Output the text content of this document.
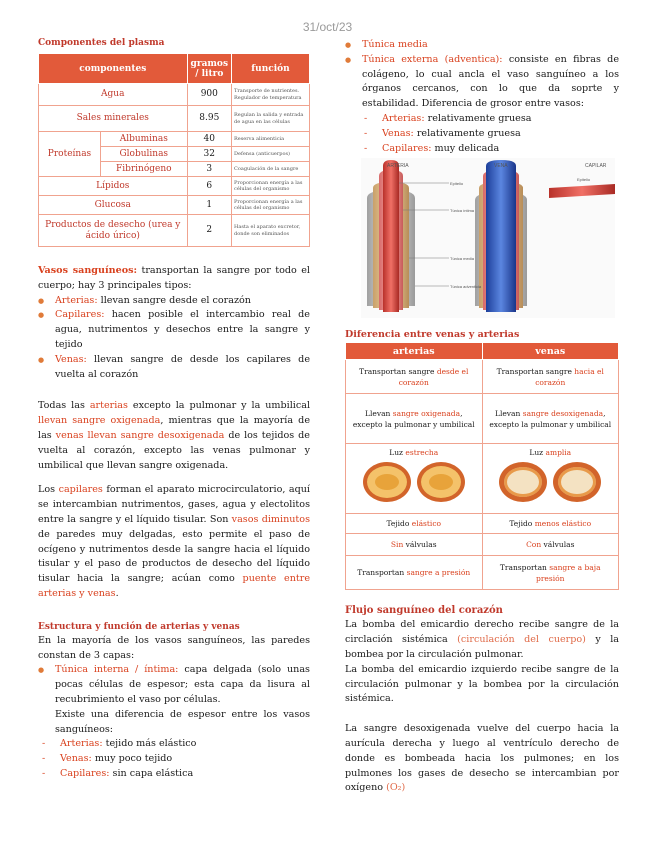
31/oct/23
Componentes del plasma
componentes		gramos / litro	función
Agua		900	Transporte de nutrientes. Regulador de temperatura
Sales minerales		8.95	Regulan la salida y entrada de agua en las células
Proteínas	Albuminas	40	Reserva alimenticia
	Globulinas	32	Defensa (anticuerpos)
	Fibrinógeno	3	Coagulación de la sangre
Lípidos		6	Proporcionan energía a las células del organismo
Glucosa		1	Proporcionan energía a las células del organismo
Productos de desecho (urea y ácido úrico)		2	Hasta el aparato excretor, donde son eliminados

Vasos sanguíneos: transportan la sangre por todo el cuerpo; hay 3 principales tipos:

● Arterias: llevan sangre desde el corazón
● Capilares: hacen posible el intercambio real de agua, nutrimentos y desechos entre la sangre y tejido
● Venas: llevan sangre de desde los capilares de vuelta al corazón

Todas las arterias excepto la pulmonar y la umbilical llevan sangre oxigenada, mientras que la mayoría de las venas llevan sangre desoxigenada de los tejidos de vuelta al corazón, excepto las venas pulmonar y umbilical que llevan sangre oxigenada.

Los capilares forman el aparato microcirculatorio, aquí se intercambian nutrimentos, gases, agua y electolitos entre la sangre y el líquido tisular. Son vasos diminutos de paredes muy delgadas, esto permite el paso de ocígeno y nutrimentos desde la sangre hacia el líquido tisular y el paso de productos de desecho del líquido tisular hacia la sangre; acúan como puente entre arterias y venas.

Estructura y función de arterias y venas

En la mayoría de los vasos sanguíneos, las paredes constan de 3 capas:

● Túnica interna / íntima: capa delgada (solo unas pocas células de espesor; esta capa da lisura al recubrimiento el vaso por células.

Existe una diferencia de espesor entre los vasos sanguíneos:

- Arterias: tejido más elástico
- Venas: muy poco tejido
- Capilares: sin capa elástica
● Túnica media
● Túnica externa (adventica): consiste en fibras de colágeno, lo cual ancla el vaso sanguíneo a los órganos cercanos, con lo que da soprte y estabilidad. Diferencia de grosor entre vasos:
- Arterias: relativamente gruesa
- Venas: relativamente gruesa
- Capilares: muy delicada
ARTERIA	VENA	CAPILAR
Epitelio
Epitelio
Túnica íntima
Túnica media
Túnica adventicia
Diferencia entre venas y arterias
arterias	venas
Transportan sangre desde el corazón	Transportan sangre hacia el corazón
Llevan sangre oxigenada, excepto la pulmonar y umbilical	Llevan sangre desoxigenada, excepto la pulmonar y umbilical

Luz estrecha	Luz amplia

Tejido elástico	Tejido menos elástico
Sin válvulas	Con válvulas
Transportan sangre a presión	Transportan sangre a baja presión
Flujo sanguíneo del corazón

La bomba del emicardio derecho recibe sangre de la circlación sistémica (circulación del cuerpo) y la bombea por la circulación pulmonar.

La bomba del emicardio izquierdo recibe sangre de la circulación pulmonar y la bombea por la circulación sistémica.

La sangre desoxigenada vuelve del cuerpo hacia la aurícula derecha y luego al ventrículo derecho de donde es bombeada hacia los pulmones; en los pulmones los gases de desecho se intercambian por oxígeno (O₂)
